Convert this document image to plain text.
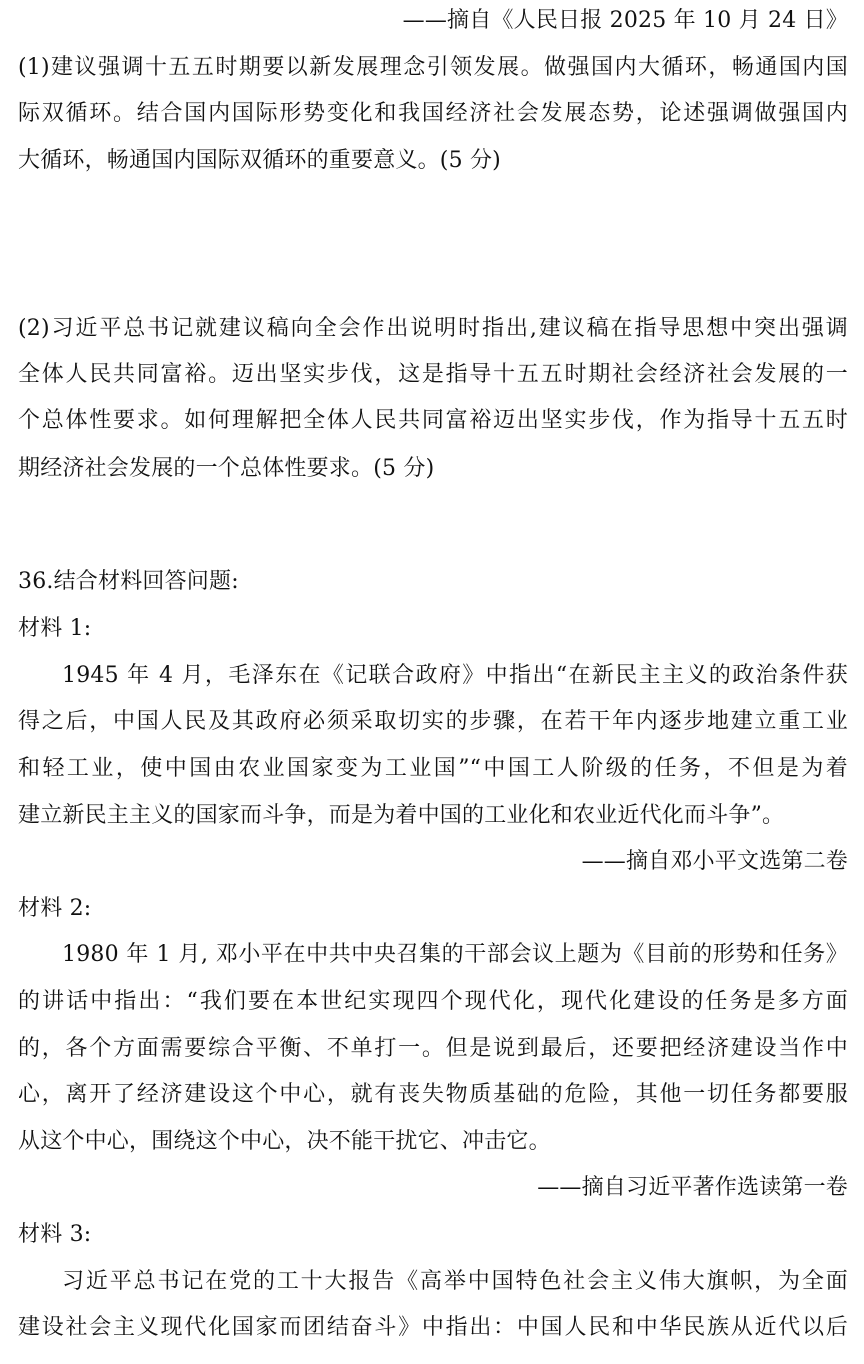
——摘自《人民日报 2025 年 10 月 24 日》
(1)建议强调十五五时期要以新发展理念引领发展。做强国内大循环，畅通国内国
际双循环。结合国内国际形势变化和我国经济社会发展态势，论述强调做强国内
大循环，畅通国内国际双循环的重要意义。(5 分)
(2)习近平总书记就建议稿向全会作出说明时指出,建议稿在指导思想中突出强调
全体人民共同富裕。迈出坚实步伐，这是指导十五五时期社会经济社会发展的一
个总体性要求。如何理解把全体人民共同富裕迈出坚实步伐，作为指导十五五时
期经济社会发展的一个总体性要求。(5 分)
36.结合材料回答问题:
材料 1:
1945 年 4 月，毛泽东在《记联合政府》中指出“在新民主主义的政治条件获
得之后，中国人民及其政府必须采取切实的步骤，在若干年内逐步地建立重工业
和轻工业，使中国由农业国家变为工业国”“中国工人阶级的任务，不但是为着
建立新民主主义的国家而斗争，而是为着中国的工业化和农业近代化而斗争”。
——摘自邓小平文选第二卷
材料 2:
1980 年 1 月, 邓小平在中共中央召集的干部会议上题为《目前的形势和任务》
的讲话中指出：“我们要在本世纪实现四个现代化，现代化建设的任务是多方面
的，各个方面需要综合平衡、不单打一。但是说到最后，还要把经济建设当作中
心，离开了经济建设这个中心，就有丧失物质基础的危险，其他一切任务都要服
从这个中心，围绕这个中心，决不能干扰它、冲击它。
——摘自习近平著作选读第一卷
材料 3:
习近平总书记在党的工十大报告《高举中国特色社会主义伟大旗帜，为全面
建设社会主义现代化国家而团结奋斗》中指出：中国人民和中华民族从近代以后
